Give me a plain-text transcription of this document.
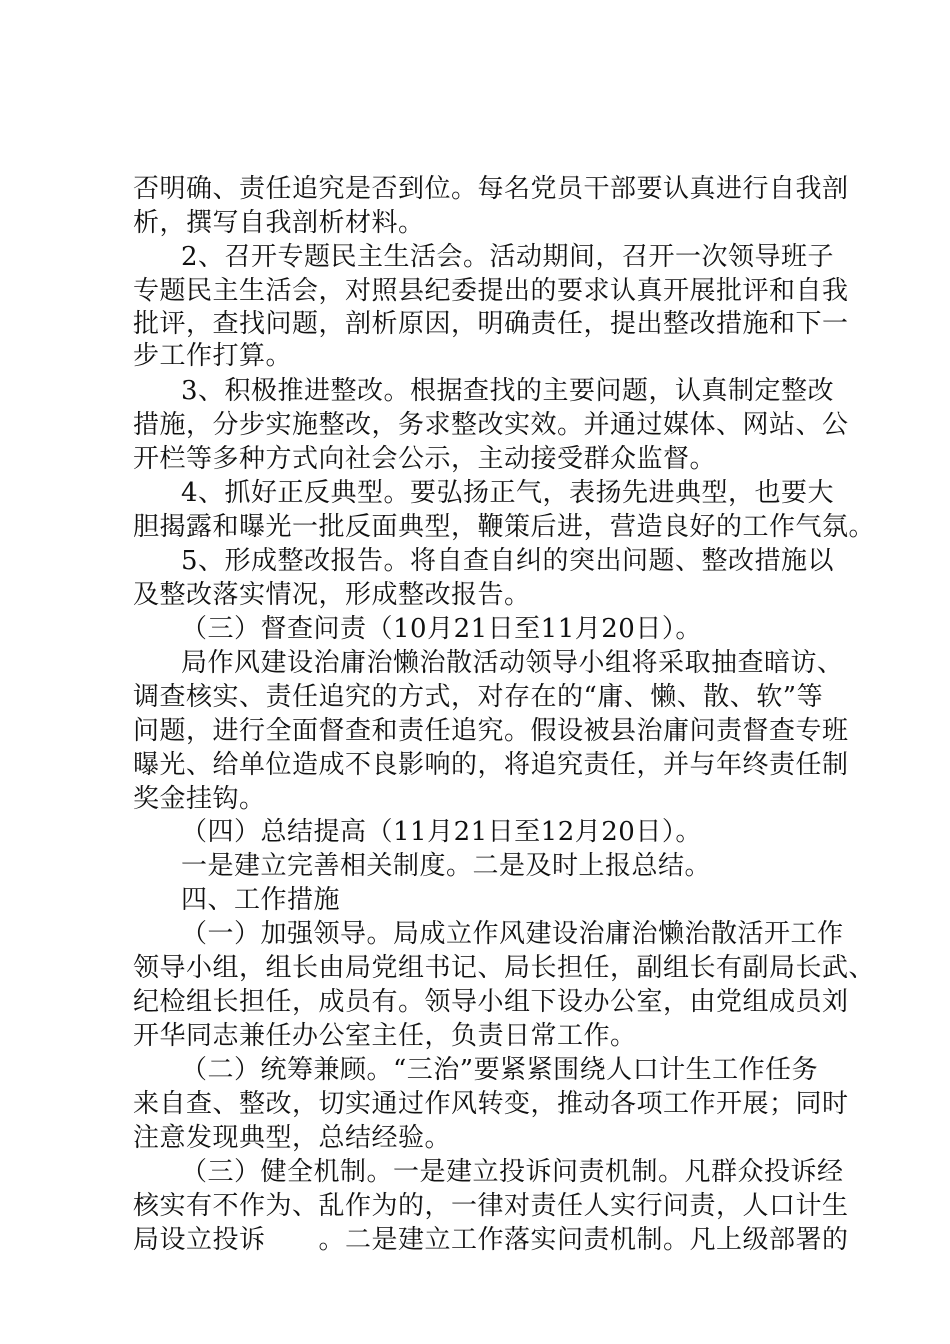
否明确、责任追究是否到位。每名党员干部要认真进行自我剖
析，撰写自我剖析材料。
2、召开专题民主生活会。活动期间，召开一次领导班子
专题民主生活会，对照县纪委提出的要求认真开展批评和自我
批评，查找问题，剖析原因，明确责任，提出整改措施和下一
步工作打算。
3、积极推进整改。根据查找的主要问题，认真制定整改
措施，分步实施整改，务求整改实效。并通过媒体、网站、公
开栏等多种方式向社会公示，主动接受群众监督。
4、抓好正反典型。要弘扬正气，表扬先进典型，也要大
胆揭露和曝光一批反面典型，鞭策后进，营造良好的工作气氛。
5、形成整改报告。将自查自纠的突出问题、整改措施以
及整改落实情况，形成整改报告。
（三）督查问责（10月21日至11月20日）。
局作风建设治庸治懒治散活动领导小组将采取抽查暗访、
调查核实、责任追究的方式，对存在的“庸、懒、散、软”等
问题，进行全面督查和责任追究。假设被县治庸问责督查专班
曝光、给单位造成不良影响的，将追究责任，并与年终责任制
奖金挂钩。
（四）总结提高（11月21日至12月20日）。
一是建立完善相关制度。二是及时上报总结。
四、工作措施
（一）加强领导。局成立作风建设治庸治懒治散活开工作
领导小组，组长由局党组书记、局长担任，副组长有副局长武、
纪检组长担任，成员有。领导小组下设办公室，由党组成员刘
开华同志兼任办公室主任，负责日常工作。
（二）统筹兼顾。“三治”要紧紧围绕人口计生工作任务
来自查、整改，切实通过作风转变，推动各项工作开展；同时
注意发现典型，总结经验。
（三）健全机制。一是建立投诉问责机制。凡群众投诉经
核实有不作为、乱作为的，一律对责任人实行问责，人口计生
局设立投诉　　。二是建立工作落实问责机制。凡上级部署的
